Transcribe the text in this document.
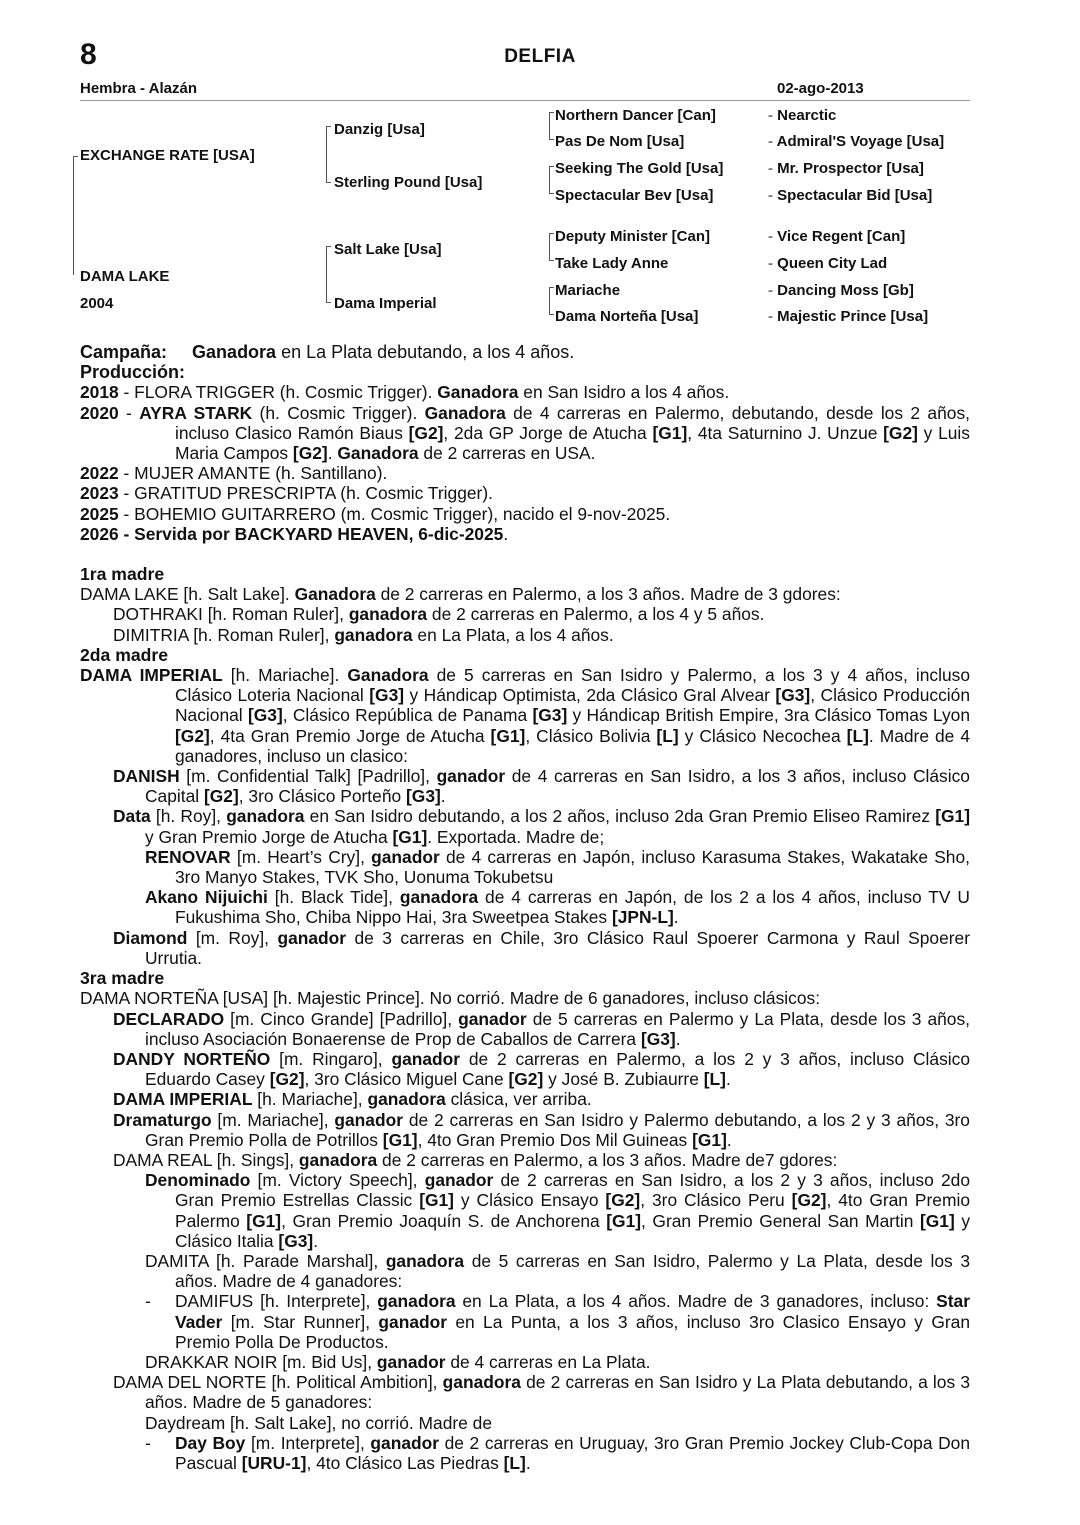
8	DELFIA
Hembra - Alazán	02-ago-2013
EXCHANGE RATE [USA]
DAMA LAKE
2004
Danzig [Usa]
Sterling Pound [Usa]
Salt Lake [Usa]
Dama Imperial
Northern Dancer [Can]
Pas De Nom [Usa]
Seeking The Gold [Usa]
Spectacular Bev [Usa]
Deputy Minister [Can]
Take Lady Anne
Mariache
Dama Norteña [Usa]
- Nearctic
- Admiral'S Voyage [Usa]
- Mr. Prospector [Usa]
- Spectacular Bid [Usa]
- Vice Regent [Can]
- Queen City Lad
- Dancing Moss [Gb]
- Majestic Prince [Usa]

Campaña: Ganadora en La Plata debutando, a los 4 años.

Producción:

2018 - FLORA TRIGGER (h. Cosmic Trigger). Ganadora en San Isidro a los 4 años.

2020 - AYRA STARK (h. Cosmic Trigger). Ganadora de 4 carreras en Palermo, debutando, desde los 2 años, incluso Clasico Ramón Biaus [G2], 2da GP Jorge de Atucha [G1], 4ta Saturnino J. Unzue [G2] y Luis Maria Campos [G2]. Ganadora de 2 carreras en USA.

2022 - MUJER AMANTE (h. Santillano).

2023 - GRATITUD PRESCRIPTA (h. Cosmic Trigger).

2025 - BOHEMIO GUITARRERO (m. Cosmic Trigger), nacido el 9-nov-2025.

2026 - Servida por BACKYARD HEAVEN, 6-dic-2025.

1ra madre

DAMA LAKE [h. Salt Lake]. Ganadora de 2 carreras en Palermo, a los 3 años. Madre de 3 gdores:

DOTHRAKI [h. Roman Ruler], ganadora de 2 carreras en Palermo, a los 4 y 5 años.

DIMITRIA [h. Roman Ruler], ganadora en La Plata, a los 4 años.

2da madre

DAMA IMPERIAL [h. Mariache]. Ganadora de 5 carreras en San Isidro y Palermo, a los 3 y 4 años, incluso Clásico Loteria Nacional [G3] y Hándicap Optimista, 2da Clásico Gral Alvear [G3], Clásico Producción Nacional [G3], Clásico República de Panama [G3] y Hándicap British Empire, 3ra Clásico Tomas Lyon [G2], 4ta Gran Premio Jorge de Atucha [G1], Clásico Bolivia [L] y Clásico Necochea [L]. Madre de 4 ganadores, incluso un clasico:

DANISH [m. Confidential Talk] [Padrillo], ganador de 4 carreras en San Isidro, a los 3 años, incluso Clásico Capital [G2], 3ro Clásico Porteño [G3].

Data [h. Roy], ganadora en San Isidro debutando, a los 2 años, incluso 2da Gran Premio Eliseo Ramirez [G1] y Gran Premio Jorge de Atucha [G1]. Exportada. Madre de;

RENOVAR [m. Heart’s Cry], ganador de 4 carreras en Japón, incluso Karasuma Stakes, Wakatake Sho, 3ro Manyo Stakes, TVK Sho, Uonuma Tokubetsu

Akano Nijuichi [h. Black Tide], ganadora de 4 carreras en Japón, de los 2 a los 4 años, incluso TV U Fukushima Sho, Chiba Nippo Hai, 3ra Sweetpea Stakes [JPN-L].

Diamond [m. Roy], ganador de 3 carreras en Chile, 3ro Clásico Raul Spoerer Carmona y Raul Spoerer Urrutia.

3ra madre

DAMA NORTEÑA [USA] [h. Majestic Prince]. No corrió. Madre de 6 ganadores, incluso clásicos:

DECLARADO [m. Cinco Grande] [Padrillo], ganador de 5 carreras en Palermo y La Plata, desde los 3 años, incluso Asociación Bonaerense de Prop de Caballos de Carrera [G3].

DANDY NORTEÑO [m. Ringaro], ganador de 2 carreras en Palermo, a los 2 y 3 años, incluso Clásico Eduardo Casey [G2], 3ro Clásico Miguel Cane [G2] y José B. Zubiaurre [L].

DAMA IMPERIAL [h. Mariache], ganadora clásica, ver arriba.

Dramaturgo [m. Mariache], ganador de 2 carreras en San Isidro y Palermo debutando, a los 2 y 3 años, 3ro Gran Premio Polla de Potrillos [G1], 4to Gran Premio Dos Mil Guineas [G1].

DAMA REAL [h. Sings], ganadora de 2 carreras en Palermo, a los 3 años. Madre de7 gdores:

Denominado [m. Victory Speech], ganador de 2 carreras en San Isidro, a los 2 y 3 años, incluso 2do Gran Premio Estrellas Classic [G1] y Clásico Ensayo [G2], 3ro Clásico Peru [G2], 4to Gran Premio Palermo [G1], Gran Premio Joaquín S. de Anchorena [G1], Gran Premio General San Martin [G1] y Clásico Italia [G3].

DAMITA [h. Parade Marshal], ganadora de 5 carreras en San Isidro, Palermo y La Plata, desde los 3 años. Madre de 4 ganadores:

- DAMIFUS [h. Interprete], ganadora en La Plata, a los 4 años. Madre de 3 ganadores, incluso: Star Vader [m. Star Runner], ganador en La Punta, a los 3 años, incluso 3ro Clasico Ensayo y Gran Premio Polla De Productos.

DRAKKAR NOIR [m. Bid Us], ganador de 4 carreras en La Plata.

DAMA DEL NORTE [h. Political Ambition], ganadora de 2 carreras en San Isidro y La Plata debutando, a los 3 años. Madre de 5 ganadores:

Daydream [h. Salt Lake], no corrió. Madre de

- Day Boy [m. Interprete], ganador de 2 carreras en Uruguay, 3ro Gran Premio Jockey Club-Copa Don Pascual [URU-1], 4to Clásico Las Piedras [L].
